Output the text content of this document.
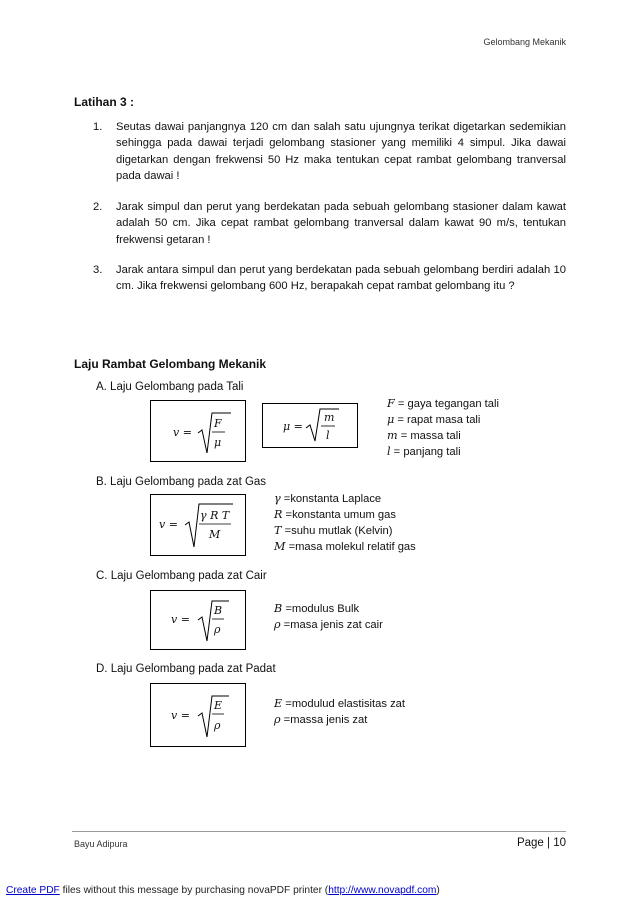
Gelombang Mekanik
Latihan 3 :
1. Seutas dawai panjangnya 120 cm dan salah satu ujungnya terikat digetarkan sedemikian sehingga pada dawai terjadi gelombang stasioner yang memiliki 4 simpul. Jika dawai digetarkan dengan frekwensi 50 Hz maka tentukan cepat rambat gelombang tranversal pada dawai !
2. Jarak simpul dan perut yang berdekatan pada sebuah gelombang stasioner dalam kawat adalah 50 cm. Jika cepat rambat gelombang tranversal dalam kawat 90 m/s, tentukan frekwensi getaran !
3. Jarak antara simpul dan perut yang berdekatan pada sebuah gelombang berdiri adalah 10 cm. Jika frekwensi gelombang 600 Hz, berapakah cepat rambat gelombang itu ?
Laju Rambat Gelombang Mekanik
A. Laju Gelombang pada Tali
v =
F
μ
μ =
m
l
F = gaya tegangan tali
μ = rapat masa tali
m = massa tali
l = panjang tali
B. Laju Gelombang pada zat Gas
v =
γ R T
M
γ =konstanta Laplace
R =konstanta umum gas
T =suhu mutlak (Kelvin)
M =masa molekul relatif gas
C. Laju Gelombang pada zat Cair
v =
B
ρ
B =modulus Bulk
ρ =masa jenis zat cair
D. Laju Gelombang pada zat Padat
v =
E
ρ
E =modulud elastisitas zat
ρ =massa jenis zat
Bayu Adipura	Page | 10
Create PDF files without this message by purchasing novaPDF printer (http://www.novapdf.com)
